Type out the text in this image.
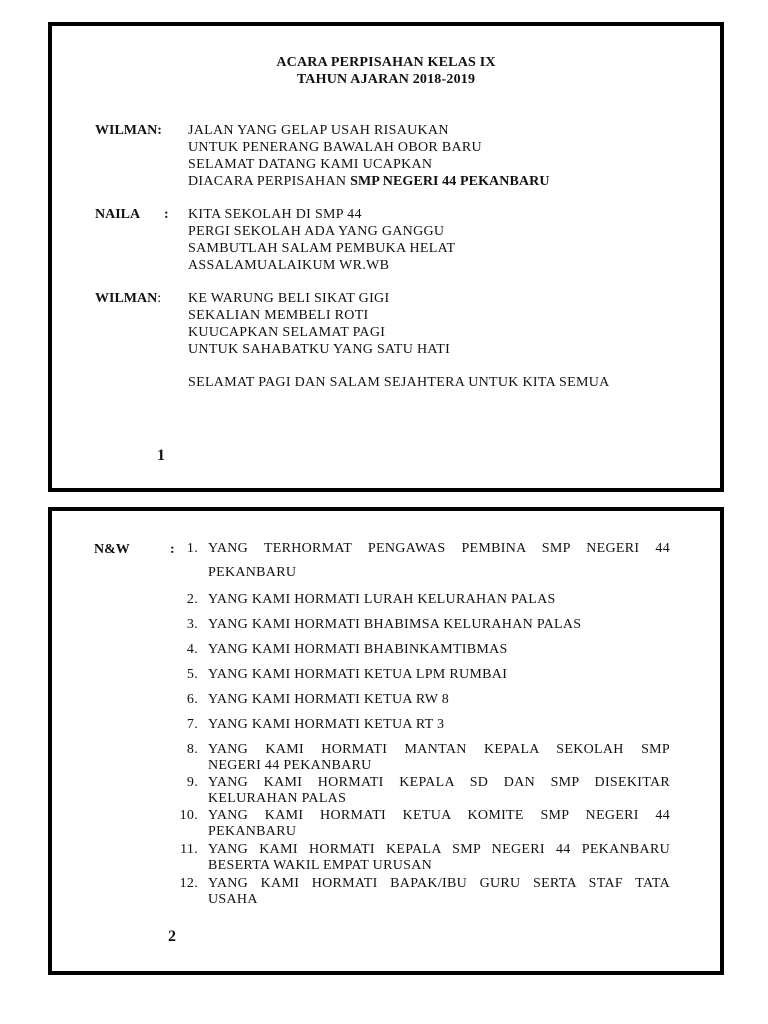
ACARA PERPISAHAN KELAS IX
TAHUN AJARAN 2018-2019
WILMAN: JALAN YANG GELAP USAH RISAUKAN
UNTUK PENERANG BAWALAH OBOR BARU
SELAMAT DATANG KAMI UCAPKAN
DIACARA PERPISAHAN SMP NEGERI 44 PEKANBARU
NAILA : KITA SEKOLAH DI SMP 44
PERGI SEKOLAH ADA YANG GANGGU
SAMBUTLAH SALAM PEMBUKA HELAT
ASSALAMUALAIKUM WR.WB
WILMAN: KE WARUNG BELI SIKAT GIGI
SEKALIAN MEMBELI ROTI
KUUCAPKAN SELAMAT PAGI
UNTUK SAHABATKU YANG SATU HATI
SELAMAT PAGI DAN SALAM SEJAHTERA UNTUK KITA SEMUA
1
N&W	: 1. YANG TERHORMAT PENGAWAS PEMBINA SMP NEGERI 44
PEKANBARU
2. YANG KAMI HORMATI LURAH KELURAHAN PALAS
3. YANG KAMI HORMATI BHABIMSA KELURAHAN PALAS
4. YANG KAMI HORMATI BHABINKAMTIBMAS
5. YANG KAMI HORMATI KETUA LPM RUMBAI
6. YANG KAMI HORMATI KETUA RW 8
7. YANG KAMI HORMATI KETUA RT 3
8. YANG KAMI HORMATI MANTAN KEPALA SEKOLAH SMP
NEGERI 44 PEKANBARU
9. YANG KAMI HORMATI KEPALA SD DAN SMP DISEKITAR
KELURAHAN PALAS
10. YANG KAMI HORMATI KETUA KOMITE SMP NEGERI 44
PEKANBARU
11. YANG KAMI HORMATI KEPALA SMP NEGERI 44 PEKANBARU
BESERTA WAKIL EMPAT URUSAN
12. YANG KAMI HORMATI BAPAK/IBU GURU SERTA STAF TATA
USAHA
2
